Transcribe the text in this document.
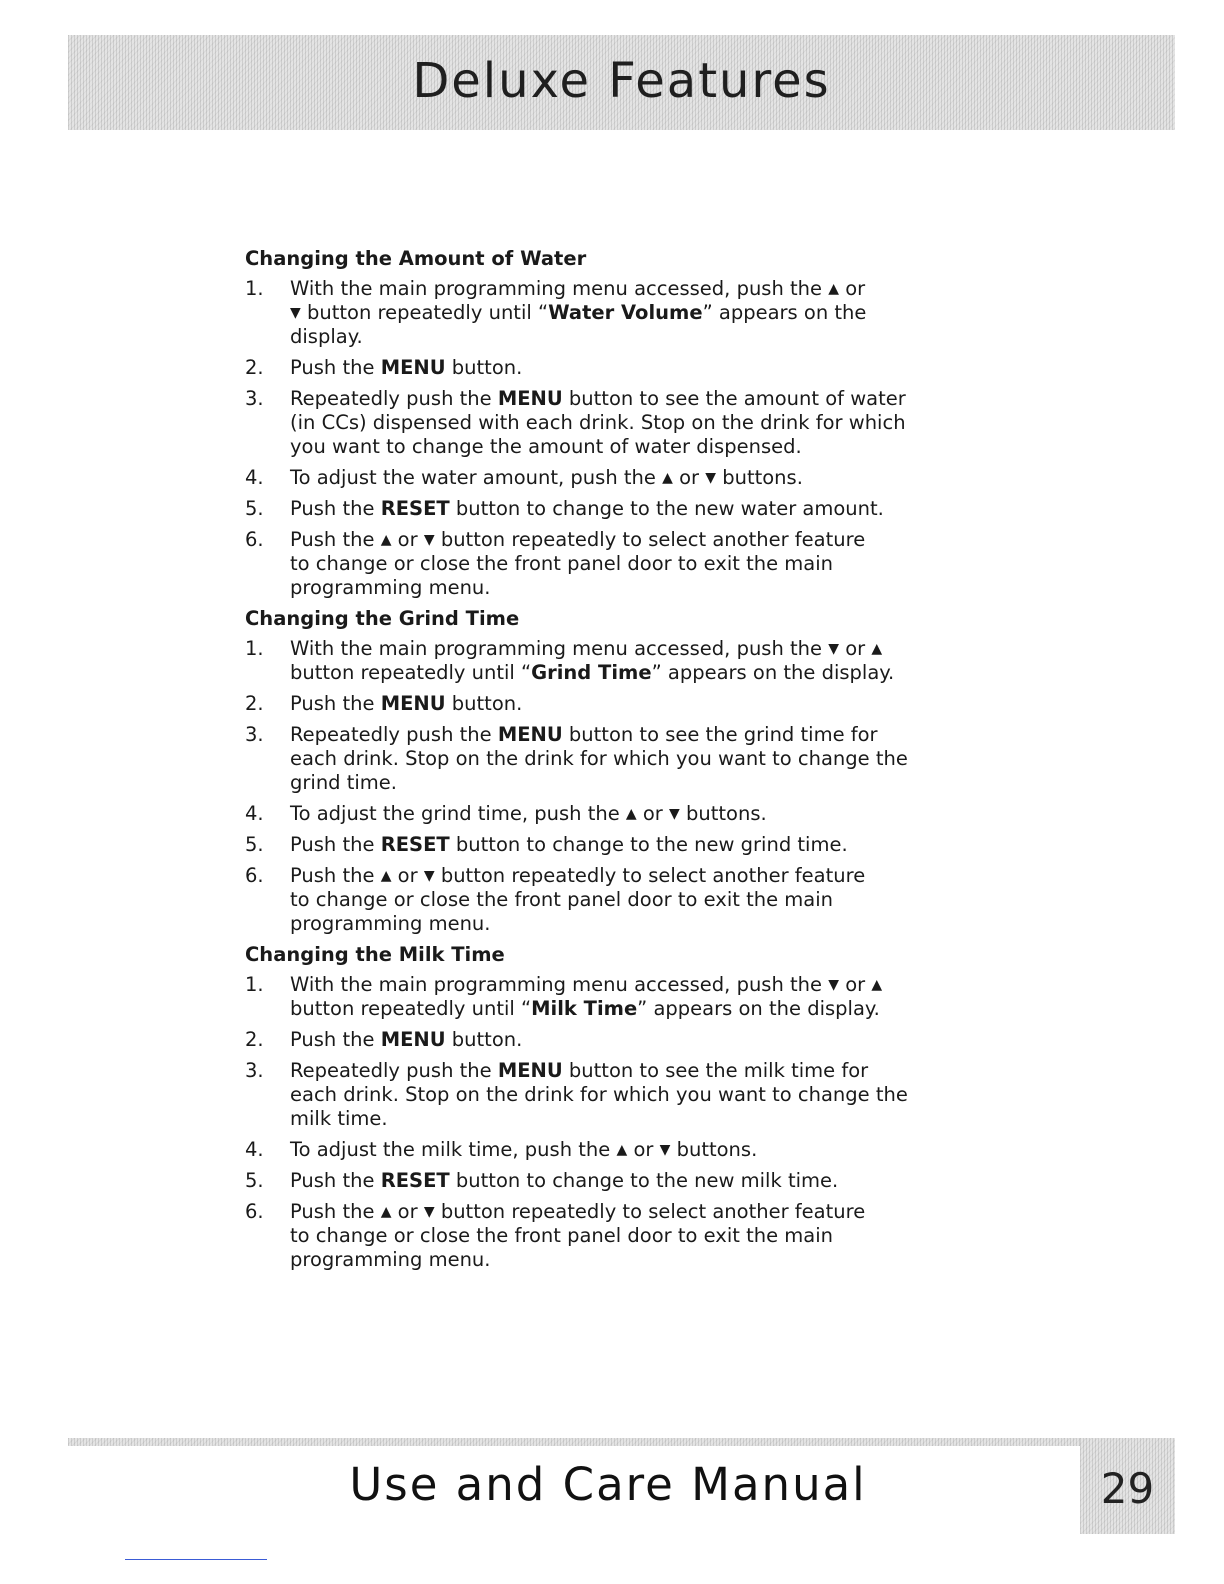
Deluxe Features
Changing the Amount of Water
1. With the main programming menu accessed, push the ▲ or
▼ button repeatedly until “Water Volume” appears on the
display.
2. Push the MENU button.
3. Repeatedly push the MENU button to see the amount of water
(in CCs) dispensed with each drink. Stop on the drink for which
you want to change the amount of water dispensed.
4. To adjust the water amount, push the ▲ or ▼ buttons.
5. Push the RESET button to change to the new water amount.
6. Push the ▲ or ▼ button repeatedly to select another feature
to change or close the front panel door to exit the main
programming menu.
Changing the Grind Time
1. With the main programming menu accessed, push the ▼ or ▲
button repeatedly until “Grind Time” appears on the display.
2. Push the MENU button.
3. Repeatedly push the MENU button to see the grind time for
each drink. Stop on the drink for which you want to change the
grind time.
4. To adjust the grind time, push the ▲ or ▼ buttons.
5. Push the RESET button to change to the new grind time.
6. Push the ▲ or ▼ button repeatedly to select another feature
to change or close the front panel door to exit the main
programming menu.
Changing the Milk Time
1. With the main programming menu accessed, push the ▼ or ▲
button repeatedly until “Milk Time” appears on the display.
2. Push the MENU button.
3. Repeatedly push the MENU button to see the milk time for
each drink. Stop on the drink for which you want to change the
milk time.
4. To adjust the milk time, push the ▲ or ▼ buttons.
5. Push the RESET button to change to the new milk time.
6. Push the ▲ or ▼ button repeatedly to select another feature
to change or close the front panel door to exit the main
programming menu.
Use and Care Manual	29
